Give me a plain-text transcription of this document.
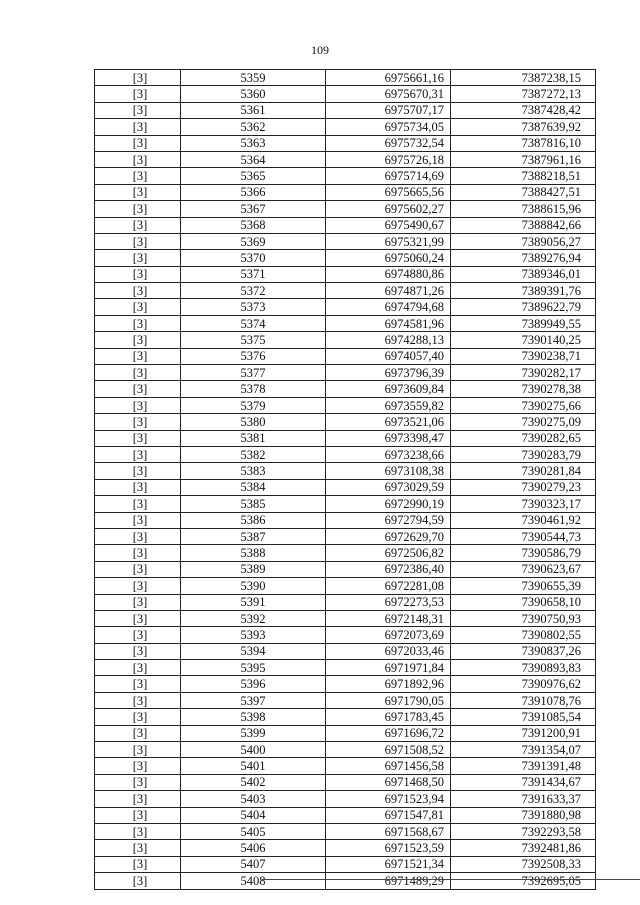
109
[3]	5359	6975661,16	7387238,15
[3]	5360	6975670,31	7387272,13
[3]	5361	6975707,17	7387428,42
[3]	5362	6975734,05	7387639,92
[3]	5363	6975732,54	7387816,10
[3]	5364	6975726,18	7387961,16
[3]	5365	6975714,69	7388218,51
[3]	5366	6975665,56	7388427,51
[3]	5367	6975602,27	7388615,96
[3]	5368	6975490,67	7388842,66
[3]	5369	6975321,99	7389056,27
[3]	5370	6975060,24	7389276,94
[3]	5371	6974880,86	7389346,01
[3]	5372	6974871,26	7389391,76
[3]	5373	6974794,68	7389622,79
[3]	5374	6974581,96	7389949,55
[3]	5375	6974288,13	7390140,25
[3]	5376	6974057,40	7390238,71
[3]	5377	6973796,39	7390282,17
[3]	5378	6973609,84	7390278,38
[3]	5379	6973559,82	7390275,66
[3]	5380	6973521,06	7390275,09
[3]	5381	6973398,47	7390282,65
[3]	5382	6973238,66	7390283,79
[3]	5383	6973108,38	7390281,84
[3]	5384	6973029,59	7390279,23
[3]	5385	6972990,19	7390323,17
[3]	5386	6972794,59	7390461,92
[3]	5387	6972629,70	7390544,73
[3]	5388	6972506,82	7390586,79
[3]	5389	6972386,40	7390623,67
[3]	5390	6972281,08	7390655,39
[3]	5391	6972273,53	7390658,10
[3]	5392	6972148,31	7390750,93
[3]	5393	6972073,69	7390802,55
[3]	5394	6972033,46	7390837,26
[3]	5395	6971971,84	7390893,83
[3]	5396	6971892,96	7390976,62
[3]	5397	6971790,05	7391078,76
[3]	5398	6971783,45	7391085,54
[3]	5399	6971696,72	7391200,91
[3]	5400	6971508,52	7391354,07
[3]	5401	6971456,58	7391391,48
[3]	5402	6971468,50	7391434,67
[3]	5403	6971523,94	7391633,37
[3]	5404	6971547,81	7391880,98
[3]	5405	6971568,67	7392293,58
[3]	5406	6971523,59	7392481,86
[3]	5407	6971521,34	7392508,33
[3]	5408	6971489,29	7392695,05
